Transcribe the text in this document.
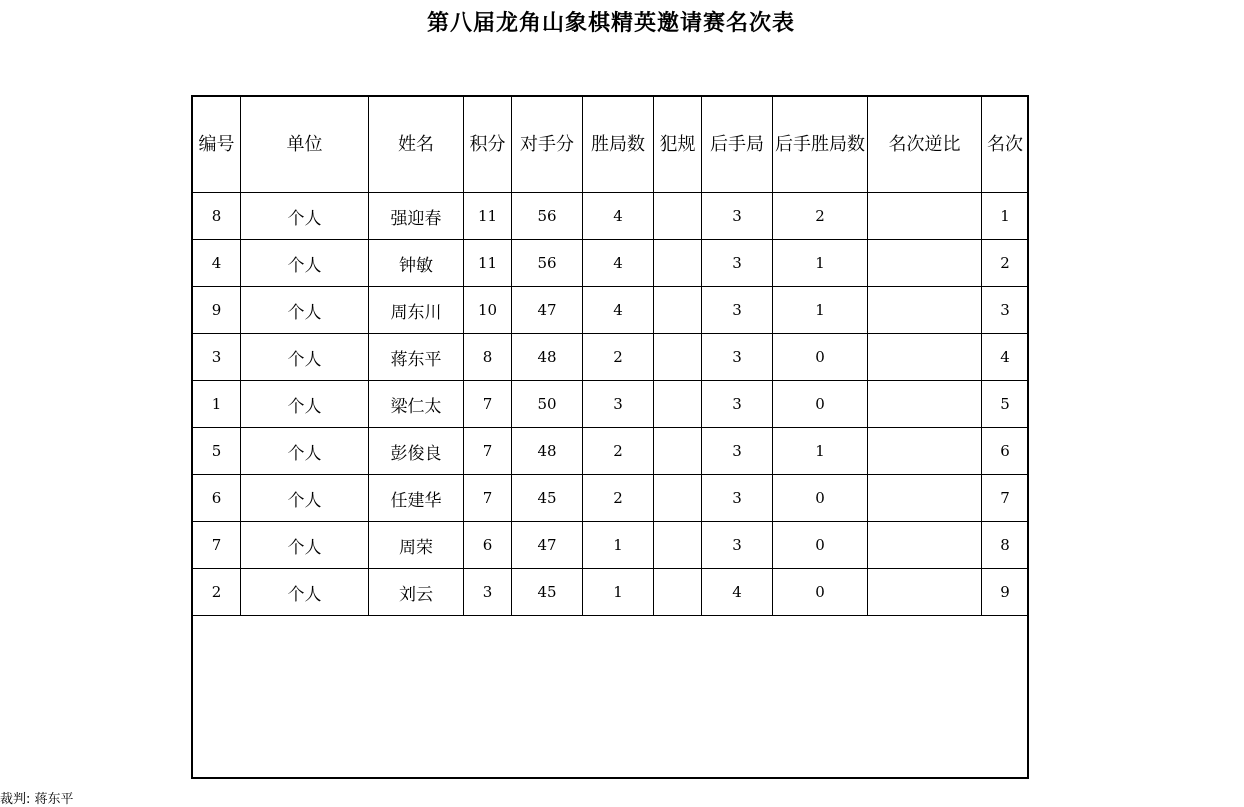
第八届龙角山象棋精英邀请赛名次表
编号	单位	姓名	积分	对手分	胜局数	犯规	后手局	后手胜局数	名次逆比	名次
8	个人	强迎春	11	56	4		3	2		1
4	个人	钟敏	11	56	4		3	1		2
9	个人	周东川	10	47	4		3	1		3
3	个人	蒋东平	8	48	2		3	0		4
1	个人	梁仁太	7	50	3		3	0		5
5	个人	彭俊良	7	48	2		3	1		6
6	个人	任建华	7	45	2		3	0		7
7	个人	周荣	6	47	1		3	0		8
2	个人	刘云	3	45	1		4	0		9
裁判: 蒋东平
